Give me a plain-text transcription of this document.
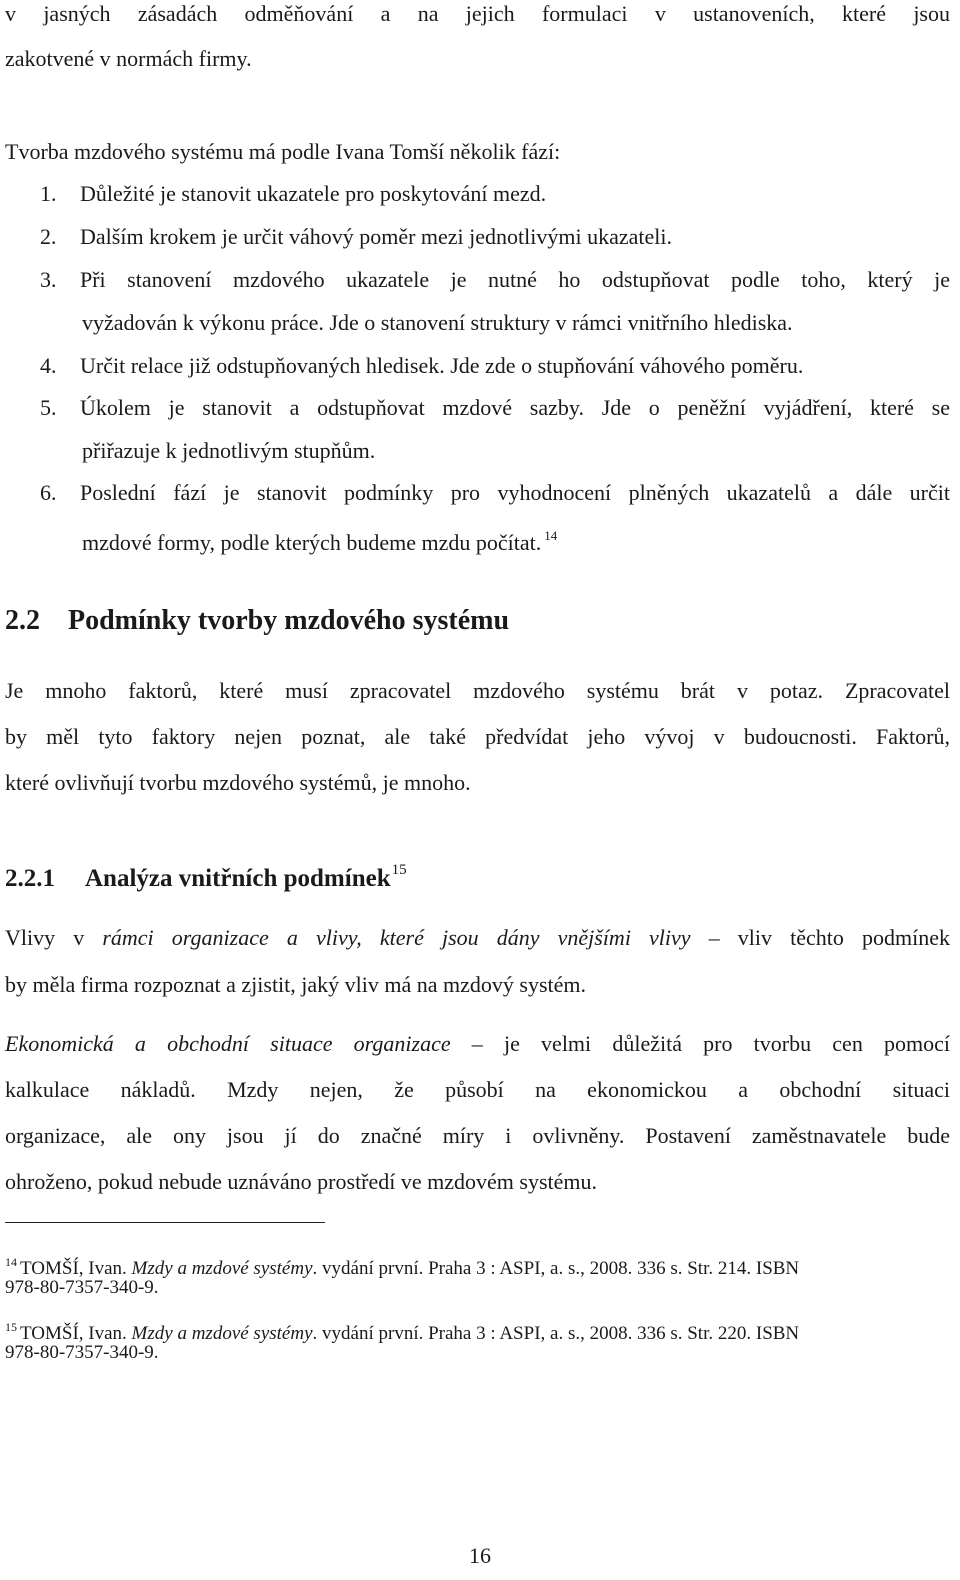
v jasných zásadách odměňování a na jejich formulaci v ustanoveních, které jsou
zakotvené v normách firmy.
Tvorba mzdového systému má podle Ivana Tomší několik fází:
1. Důležité je stanovit ukazatele pro poskytování mezd.
2. Dalším krokem je určit váhový poměr mezi jednotlivými ukazateli.
3. Při stanovení mzdového ukazatele je nutné ho odstupňovat podle toho, který je
vyžadován k výkonu práce. Jde o stanovení struktury v rámci vnitřního hlediska.
4. Určit relace již odstupňovaných hledisek. Jde zde o stupňování váhového poměru.
5. Úkolem je stanovit a odstupňovat mzdové sazby. Jde o peněžní vyjádření, které se
přiřazuje k jednotlivým stupňům.
6. Poslední fází je stanovit podmínky pro vyhodnocení plněných ukazatelů a dále určit
mzdové formy, podle kterých budeme mzdu počítat. $^{14}$
2.2 Podmínky tvorby mzdového systému
Je mnoho faktorů, které musí zpracovatel mzdového systému brát v potaz. Zpracovatel
by měl tyto faktory nejen poznat, ale také předvídat jeho vývoj v budoucnosti. Faktorů,
které ovlivňují tvorbu mzdového systémů, je mnoho.
2.2.1 Analýza vnitřních podmínek$^{15}$
Vlivy v rámci organizace a vlivy, které jsou dány vnějšími vlivy – vliv těchto podmínek
by měla firma rozpoznat a zjistit, jaký vliv má na mzdový systém.
Ekonomická a obchodní situace organizace – je velmi důležitá pro tvorbu cen pomocí
kalkulace nákladů. Mzdy nejen, že působí na ekonomickou a obchodní situaci
organizace, ale ony jsou jí do značné míry i ovlivněny. Postavení zaměstnavatele bude
ohroženo, pokud nebude uznáváno prostředí ve mzdovém systému.
$^{14}$ TOMŠÍ, Ivan. Mzdy a mzdové systémy. vydání první. Praha 3 : ASPI, a. s., 2008. 336 s. Str. 214. ISBN
978-80-7357-340-9.
$^{15}$ TOMŠÍ, Ivan. Mzdy a mzdové systémy. vydání první. Praha 3 : ASPI, a. s., 2008. 336 s. Str. 220. ISBN
978-80-7357-340-9.
16
